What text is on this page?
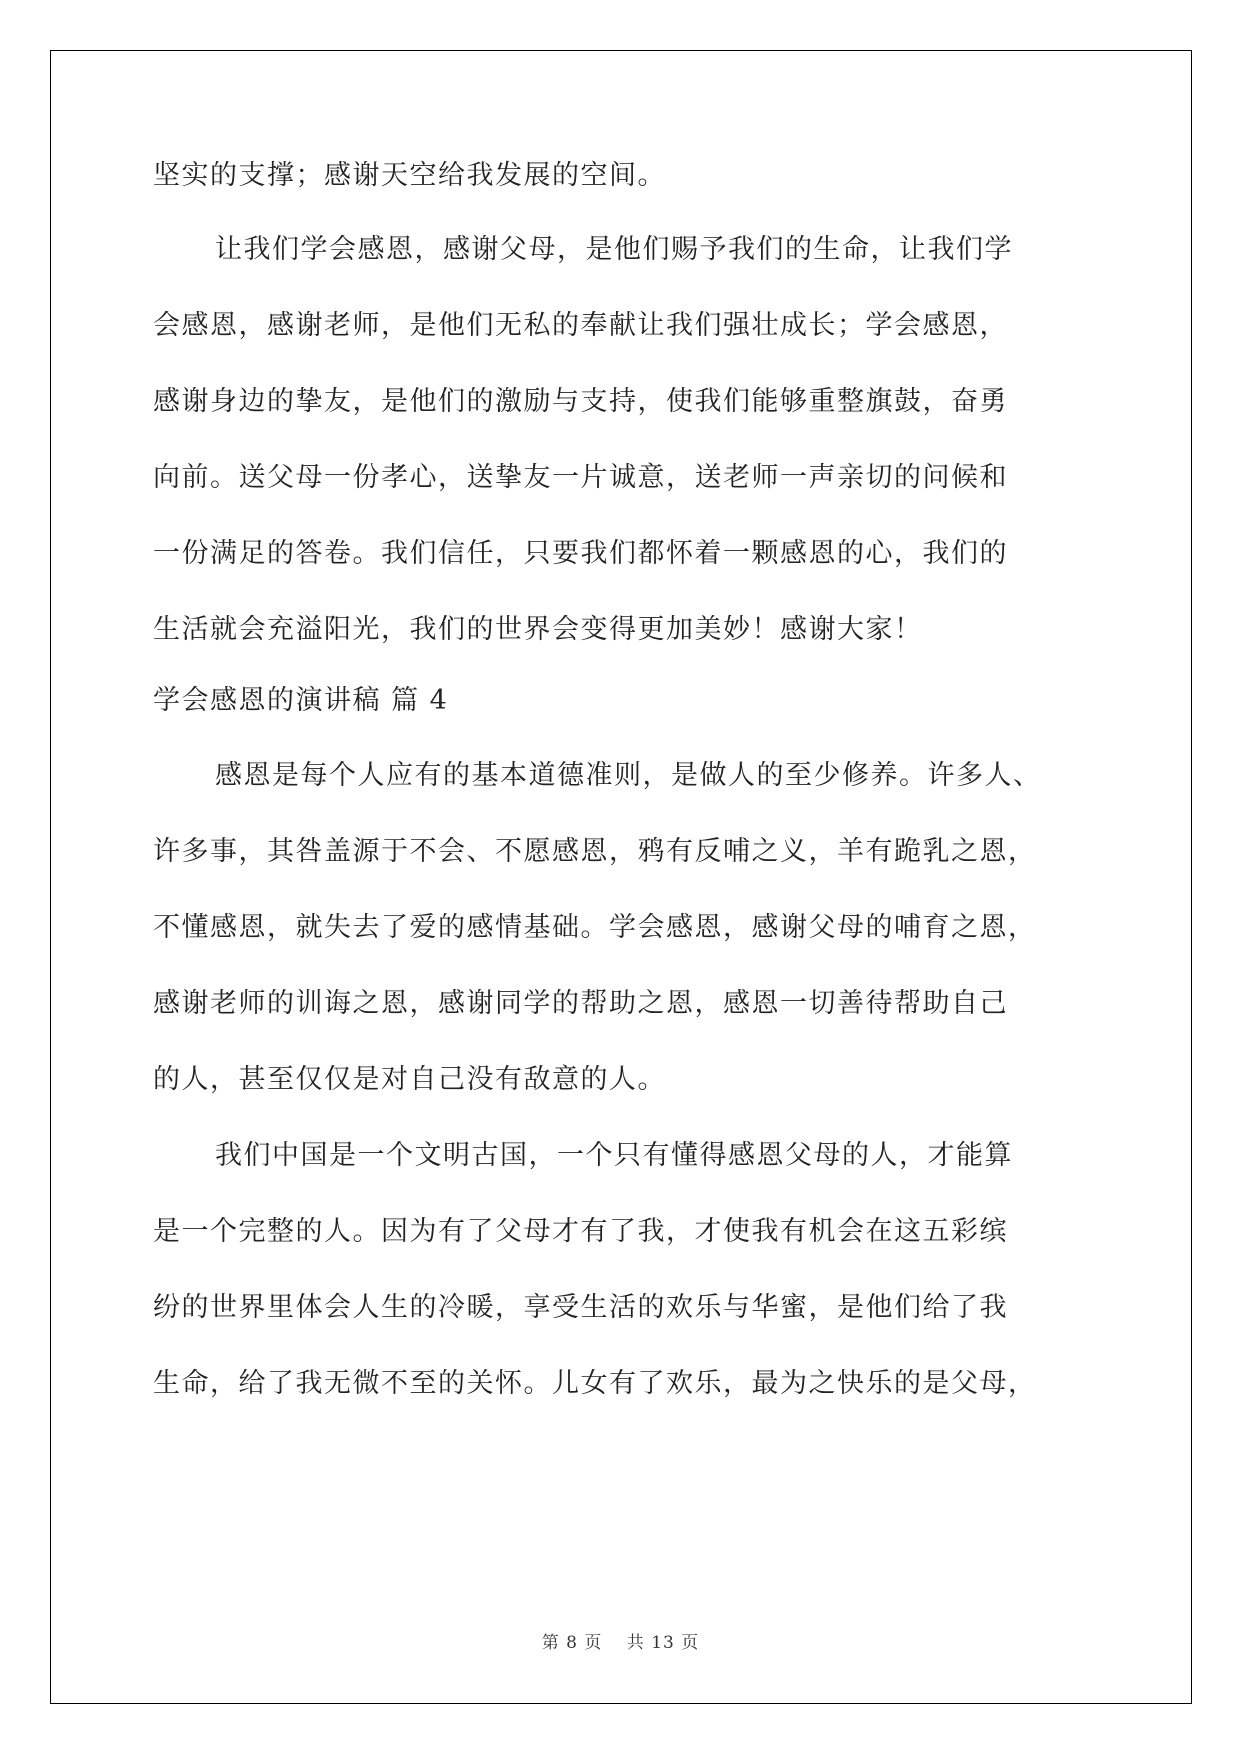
坚实的支撑；感谢天空给我发展的空间。
让我们学会感恩，感谢父母，是他们赐予我们的生命，让我们学
会感恩，感谢老师，是他们无私的奉献让我们强壮成长；学会感恩，
感谢身边的挚友，是他们的激励与支持，使我们能够重整旗鼓，奋勇
向前。送父母一份孝心，送挚友一片诚意，送老师一声亲切的问候和
一份满足的答卷。我们信任，只要我们都怀着一颗感恩的心，我们的
生活就会充溢阳光，我们的世界会变得更加美妙！感谢大家！
学会感恩的演讲稿 篇 4
感恩是每个人应有的基本道德准则，是做人的至少修养。许多人、
许多事，其咎盖源于不会、不愿感恩，鸦有反哺之义，羊有跪乳之恩，
不懂感恩，就失去了爱的感情基础。学会感恩，感谢父母的哺育之恩，
感谢老师的训诲之恩，感谢同学的帮助之恩，感恩一切善待帮助自己
的人，甚至仅仅是对自己没有敌意的人。
我们中国是一个文明古国，一个只有懂得感恩父母的人，才能算
是一个完整的人。因为有了父母才有了我，才使我有机会在这五彩缤
纷的世界里体会人生的冷暖，享受生活的欢乐与华蜜，是他们给了我
生命，给了我无微不至的关怀。儿女有了欢乐，最为之快乐的是父母，
第 8 页　 共 13 页
